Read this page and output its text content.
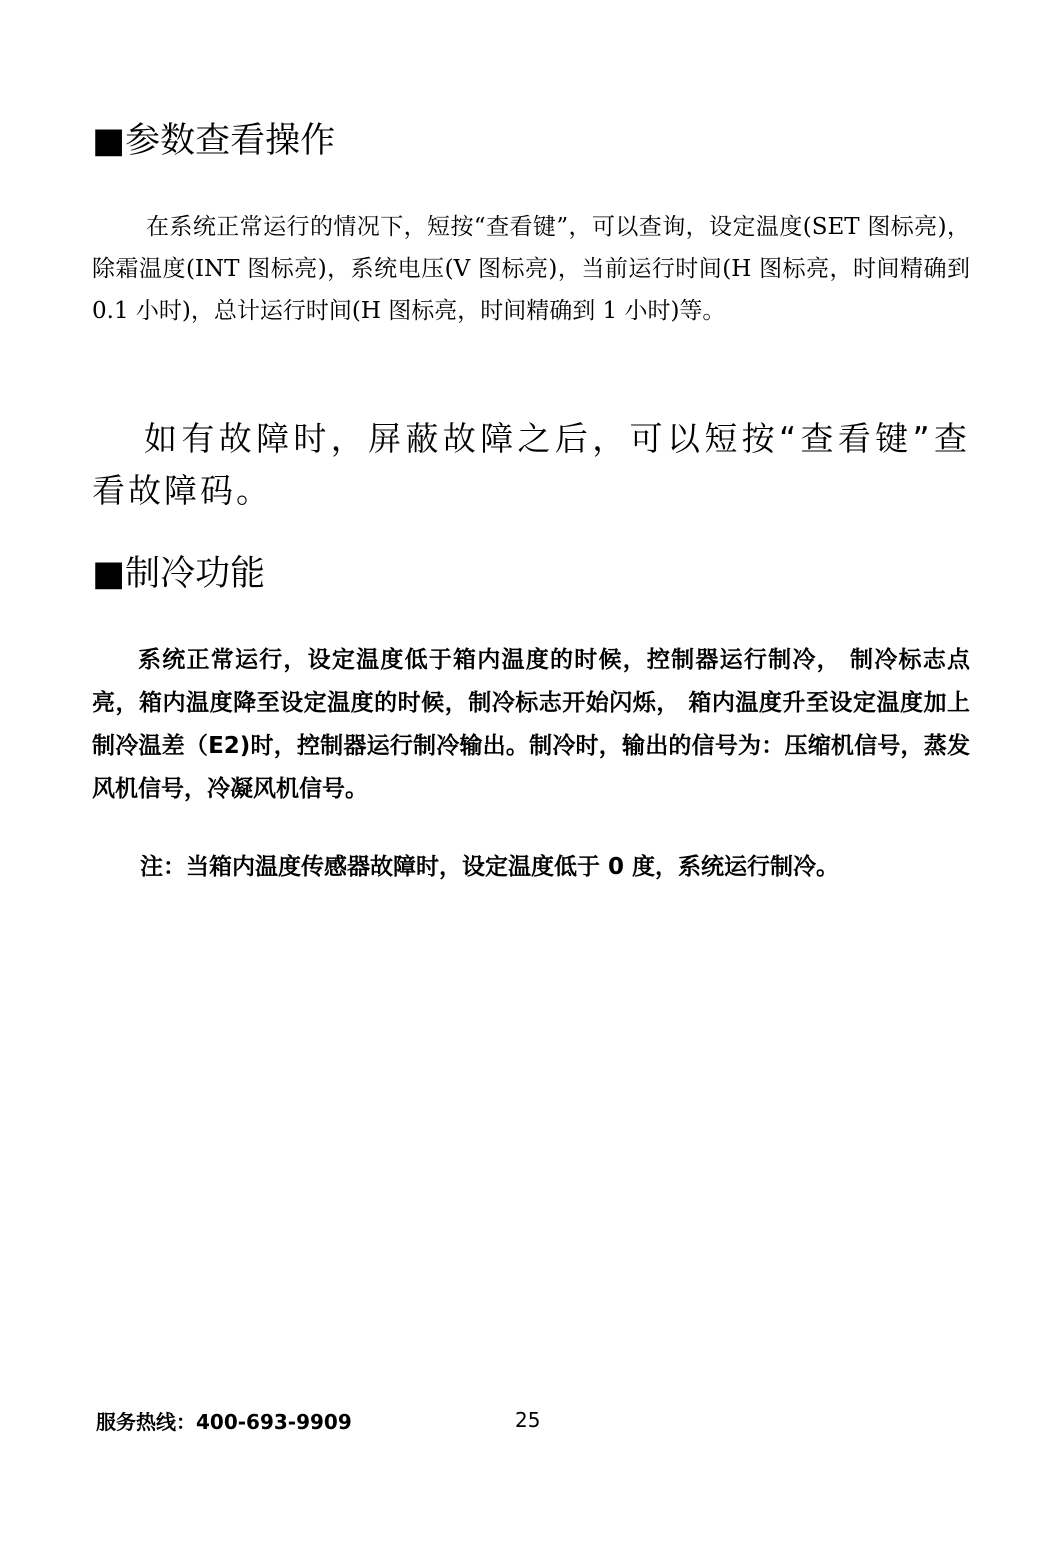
■参数查看操作

在系统正常运行的情况下，短按“查看键”，可以查询，设定温度(SET 图标亮)，除霜温度(INT 图标亮)，系统电压(V 图标亮)，当前运行时间(H 图标亮，时间精确到 0.1 小时)，总计运行时间(H 图标亮，时间精确到 1 小时)等。

如有故障时，屏蔽故障之后，可以短按“查看键”查看故障码。

■制冷功能

系统正常运行，设定温度低于箱内温度的时候，控制器运行制冷， 制冷标志点亮，箱内温度降至设定温度的时候，制冷标志开始闪烁， 箱内温度升至设定温度加上制冷温差（E2)时，控制器运行制冷输出。制冷时，输出的信号为：压缩机信号，蒸发风机信号，冷凝风机信号。

注：当箱内温度传感器故障时，设定温度低于 0 度，系统运行制冷。

服务热线：400-693-9909	25
